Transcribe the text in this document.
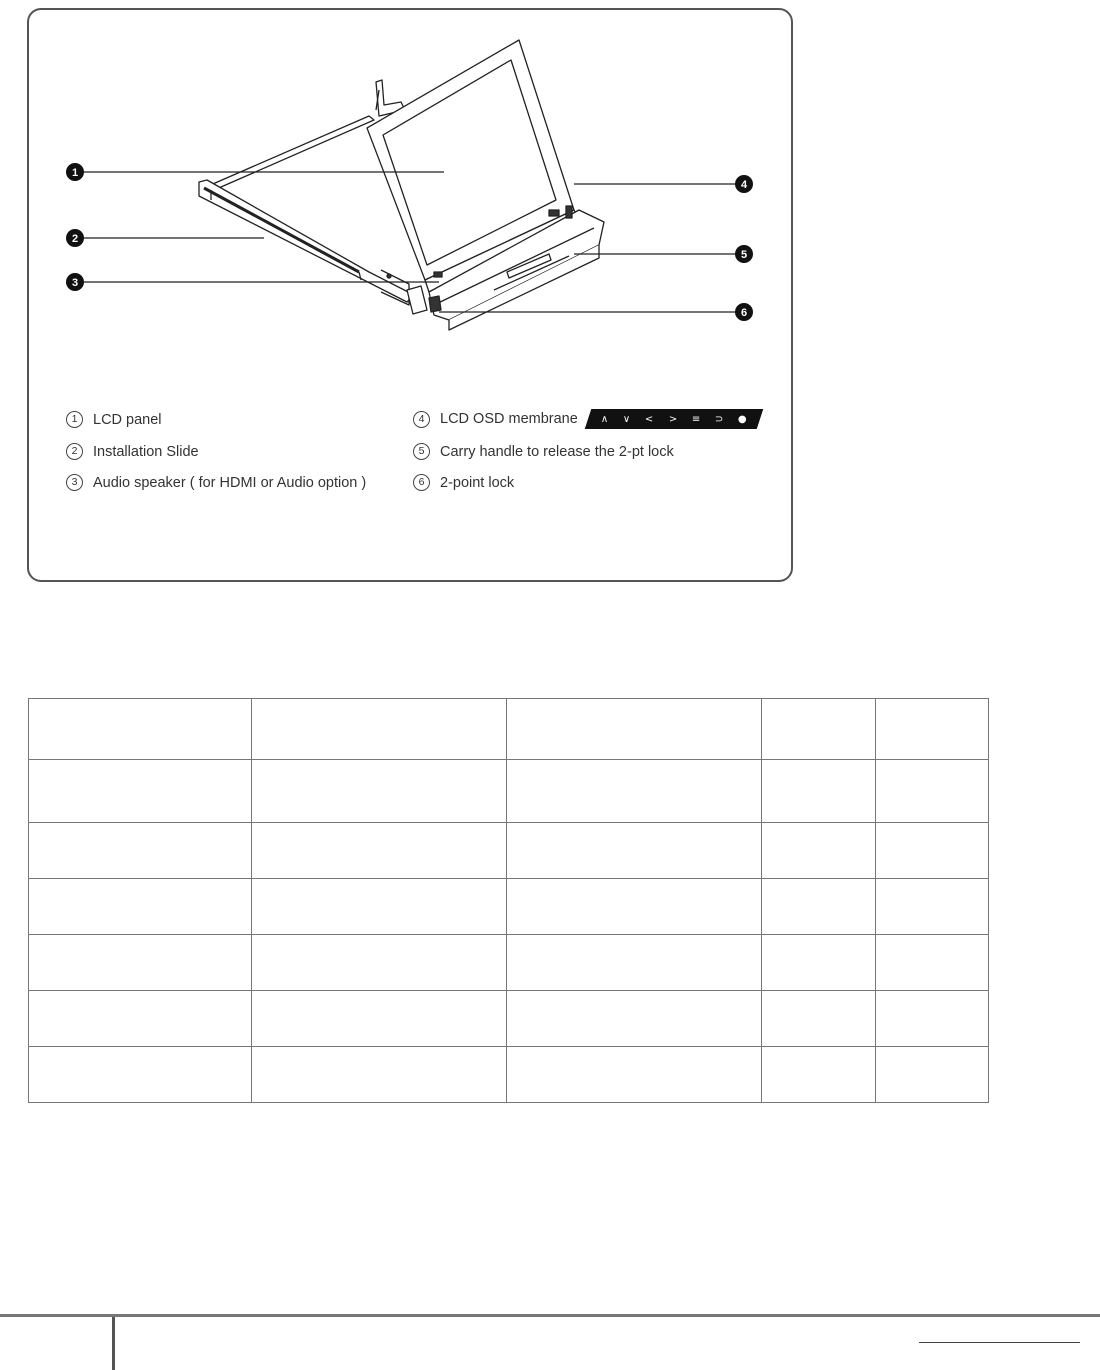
1
2
3
4
5
6
1	LCD panel
2	Installation Slide
3	Audio speaker ( for HDMI or Audio option )
4	LCD OSD membrane ∧ ∨ < > ≡ ⊃ ●
5	Carry handle to release the 2-pt lock
6	2-point lock
